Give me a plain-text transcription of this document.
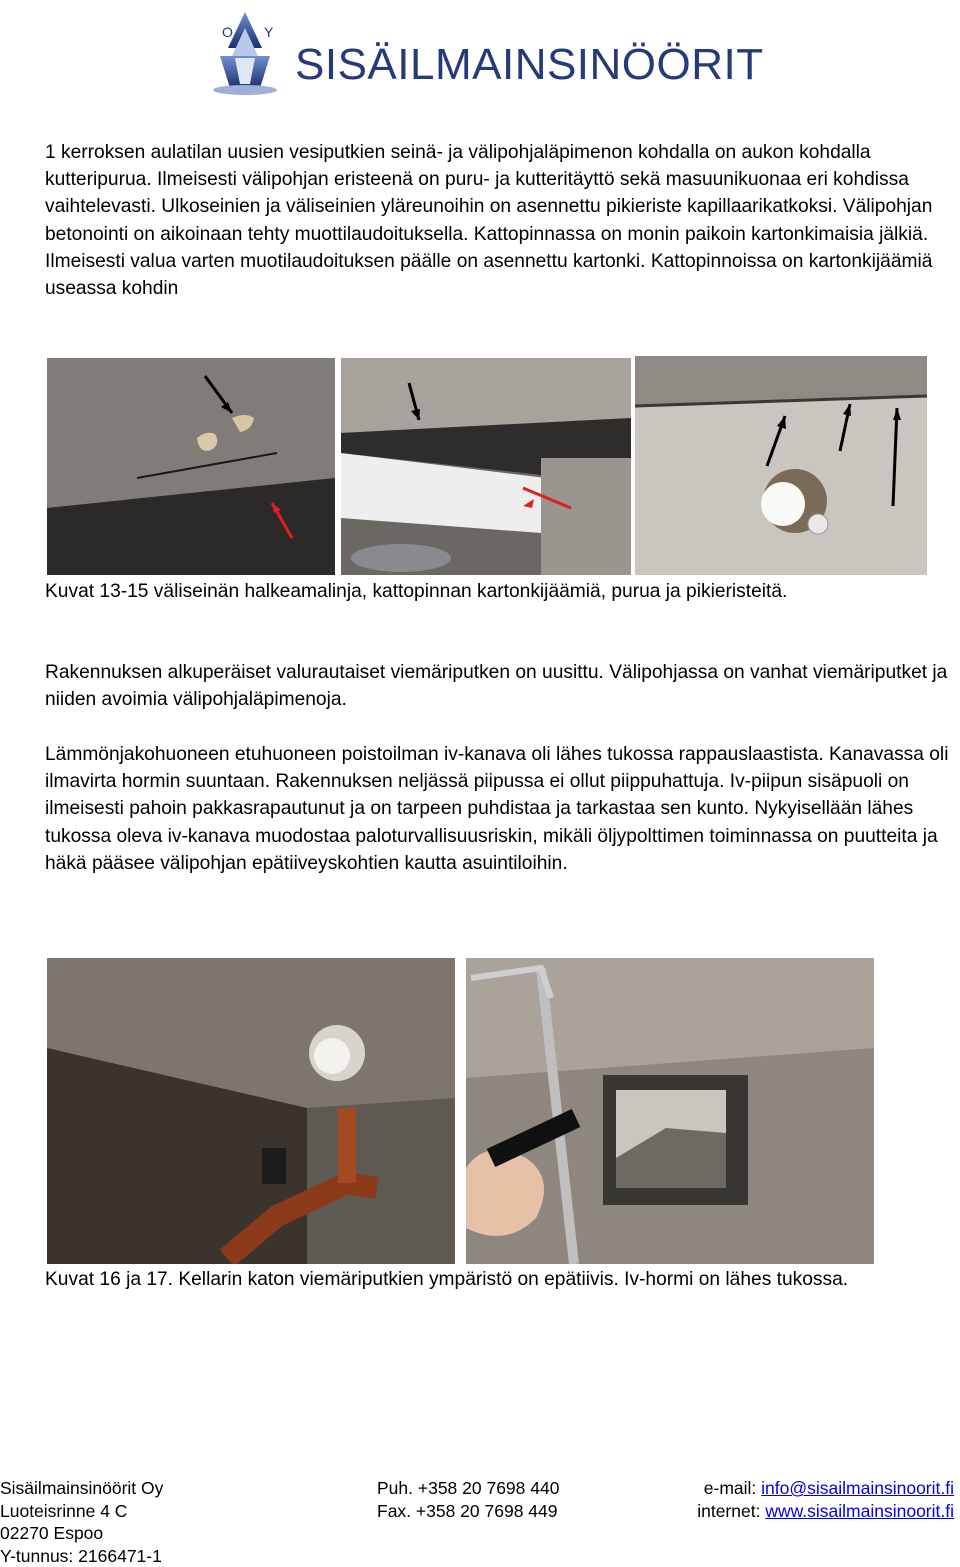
O Y
SISÄILMAINSINÖÖRIT
1 kerroksen aulatilan uusien vesiputkien seinä- ja välipohjaläpimenon kohdalla on aukon kohdalla kutteripurua. Ilmeisesti välipohjan eristeenä on puru- ja kutteritäyttö sekä masuunikuonaa eri kohdissa vaihtelevasti. Ulkoseinien ja väliseinien yläreunoihin on asennettu pikieriste kapillaarikatkoksi. Välipohjan betonointi on aikoinaan tehty muottilaudoituksella. Kattopinnassa on monin paikoin kartonkimaisia jälkiä. Ilmeisesti valua varten muotilaudoituksen päälle on asennettu kartonki. Kattopinnoissa on kartonkijäämiä useassa kohdin
Kuvat 13-15 väliseinän halkeamalinja, kattopinnan kartonkijäämiä, purua ja pikieristeitä.
Rakennuksen alkuperäiset valurautaiset viemäriputken on uusittu. Välipohjassa on vanhat viemäriputket ja niiden avoimia välipohjaläpimenoja.
Lämmönjakohuoneen etuhuoneen poistoilman iv-kanava oli lähes tukossa rappauslaastista. Kanavassa oli ilmavirta hormin suuntaan. Rakennuksen neljässä piipussa ei ollut piippuhattuja. Iv-piipun sisäpuoli on ilmeisesti pahoin pakkasrapautunut ja on tarpeen puhdistaa ja tarkastaa sen kunto. Nykyisellään lähes tukossa oleva iv-kanava muodostaa paloturvallisuusriskin, mikäli öljypolttimen toiminnassa on puutteita ja häkä pääsee välipohjan epätiiveyskohtien kautta asuintiloihin.
Kuvat 16 ja 17. Kellarin katon viemäriputkien ympäristö on epätiivis. Iv-hormi on lähes tukossa.
Sisäilmainsinöörit Oy
Luoteisrinne 4 C
02270 Espoo
Y-tunnus: 2166471-1
Puh. +358 20 7698 440
Fax. +358 20 7698 449
e-mail: info@sisailmainsinoorit.fi
internet: www.sisailmainsinoorit.fi
